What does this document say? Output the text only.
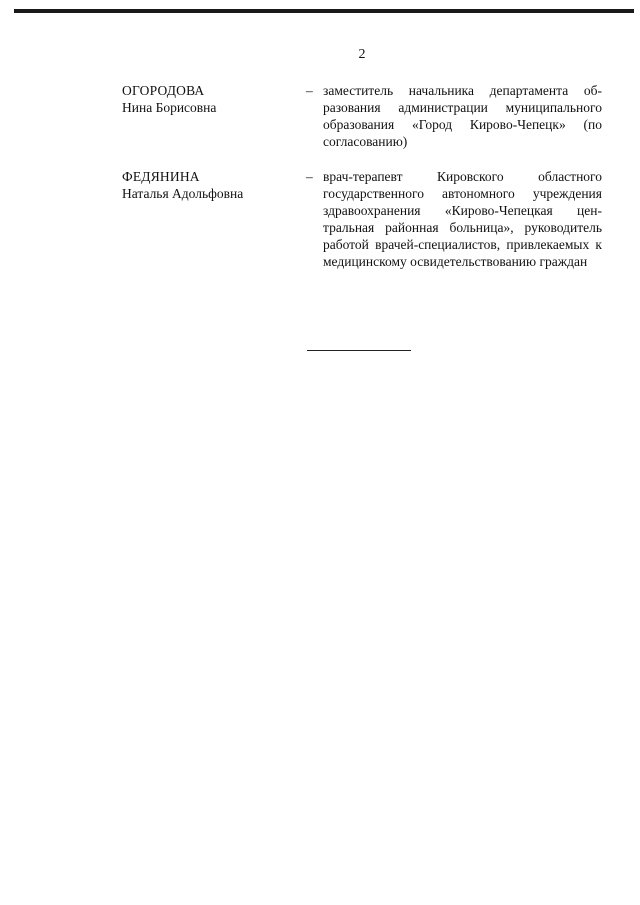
2
ОГОРОДОВА
Нина Борисовна
– заместитель начальника департамента образования администрации муниципального образования «Город Кирово-Чепецк» (по согласованию)
ФЕДЯНИНА
Наталья Адольфовна
– врач-терапевт Кировского областного государственного автономного учреждения здравоохранения «Кирово-Чепецкая центральная районная больница», руководитель работой врачей-специалистов, привлекаемых к медицинскому освидетельствованию граждан
